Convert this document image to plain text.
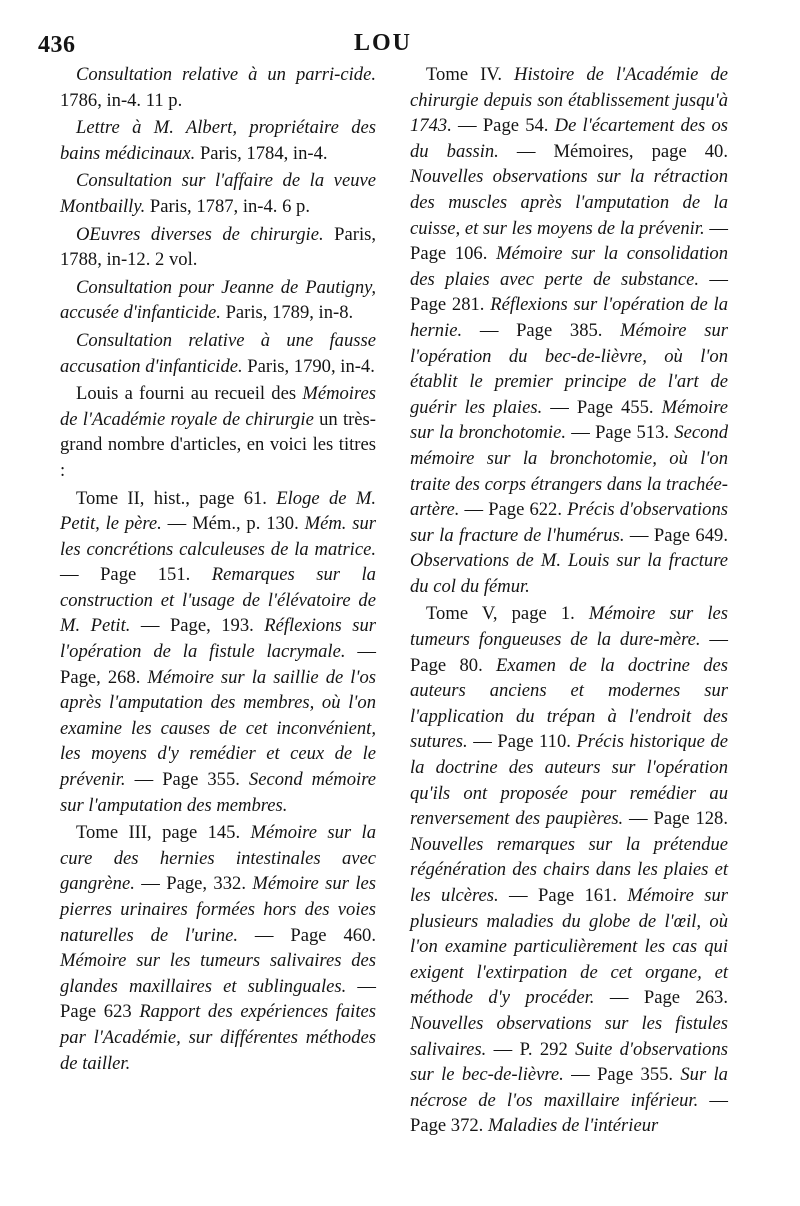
436	LOU

Consultation relative à un parri-cide. 1786, in-4. 11 p.

Lettre à M. Albert, propriétaire des bains médicinaux. Paris, 1784, in-4.

Consultation sur l'affaire de la veuve Montbailly. Paris, 1787, in-4. 6 p.

OEuvres diverses de chirurgie. Paris, 1788, in-12. 2 vol.

Consultation pour Jeanne de Pautigny, accusée d'infanticide. Paris, 1789, in-8.

Consultation relative à une fausse accusation d'infanticide. Paris, 1790, in-4.

Louis a fourni au recueil des Mémoires de l'Académie royale de chirurgie un très-grand nombre d'articles, en voici les titres :

Tome II, hist., page 61. Eloge de M. Petit, le père. — Mém., p. 130. Mém. sur les concrétions calculeuses de la matrice. — Page 151. Remarques sur la construction et l'usage de l'élévatoire de M. Petit. — Page, 193. Réflexions sur l'opération de la fistule lacrymale. — Page, 268. Mémoire sur la saillie de l'os après l'amputation des membres, où l'on examine les causes de cet inconvénient, les moyens d'y remédier et ceux de le prévenir. — Page 355. Second mémoire sur l'amputation des membres.

Tome III, page 145. Mémoire sur la cure des hernies intestinales avec gangrène. — Page, 332. Mémoire sur les pierres urinaires formées hors des voies naturelles de l'urine. — Page 460. Mémoire sur les tumeurs salivaires des glandes maxillaires et sublinguales. — Page 623 Rapport des expériences faites par l'Académie, sur différentes méthodes de tailler.

Tome IV. Histoire de l'Académie de chirurgie depuis son établissement jusqu'à 1743. — Page 54. De l'écartement des os du bassin. — Mémoires, page 40. Nouvelles observations sur la rétraction des muscles après l'amputation de la cuisse, et sur les moyens de la prévenir. — Page 106. Mémoire sur la consolidation des plaies avec perte de substance. — Page 281. Réflexions sur l'opération de la hernie. — Page 385. Mémoire sur l'opération du bec-de-lièvre, où l'on établit le premier principe de l'art de guérir les plaies. — Page 455. Mémoire sur la bronchotomie. — Page 513. Second mémoire sur la bronchotomie, où l'on traite des corps étrangers dans la trachée-artère. — Page 622. Précis d'observations sur la fracture de l'humérus. — Page 649. Observations de M. Louis sur la fracture du col du fémur.

Tome V, page 1. Mémoire sur les tumeurs fongueuses de la dure-mère. — Page 80. Examen de la doctrine des auteurs anciens et modernes sur l'application du trépan à l'endroit des sutures. — Page 110. Précis historique de la doctrine des auteurs sur l'opération qu'ils ont proposée pour remédier au renversement des paupières. — Page 128. Nouvelles remarques sur la prétendue régénération des chairs dans les plaies et les ulcères. — Page 161. Mémoire sur plusieurs maladies du globe de l'œil, où l'on examine particulièrement les cas qui exigent l'extirpation de cet organe, et méthode d'y procéder. — Page 263. Nouvelles observations sur les fistules salivaires. — P. 292 Suite d'observations sur le bec-de-lièvre. — Page 355. Sur la nécrose de l'os maxillaire inférieur. — Page 372. Maladies de l'intérieur
